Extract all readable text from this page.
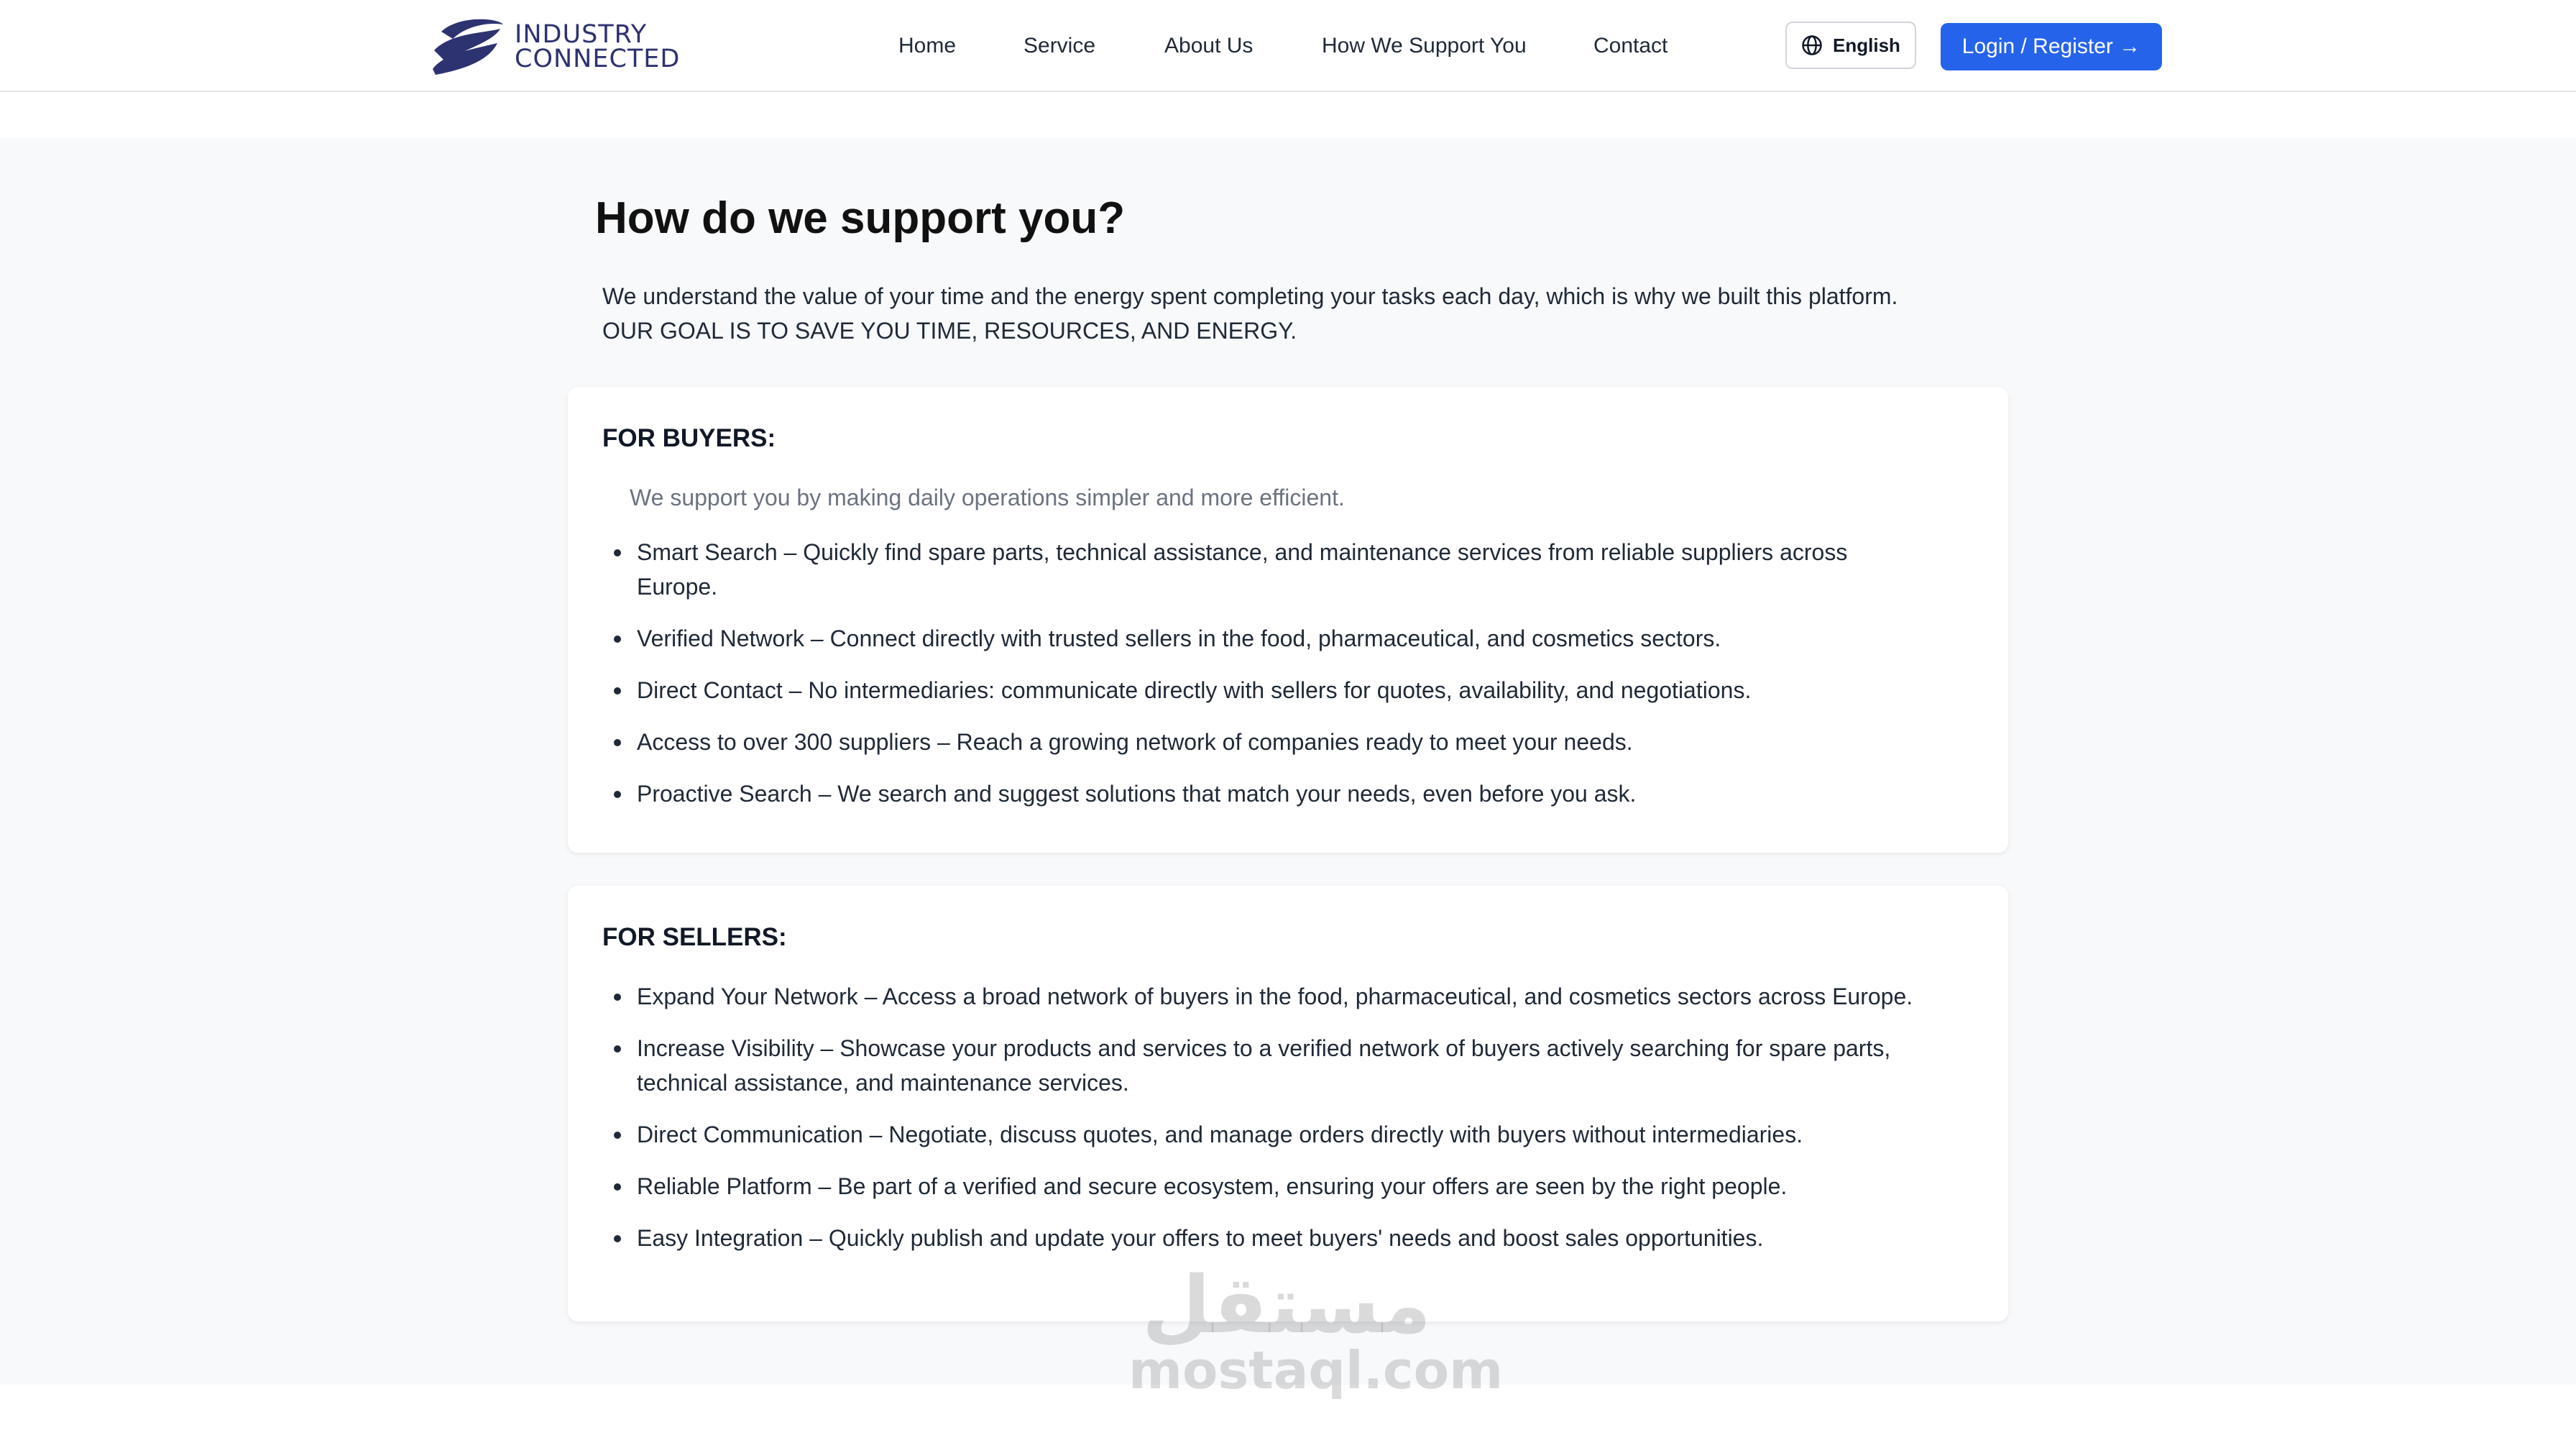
INDUSTRY
CONNECTED	Home	Service	About Us	How We Support You	Contact	English	Login / Register →
How do we support you?

We understand the value of your time and the energy spent completing your tasks each day, which is why we built this platform.

OUR GOAL IS TO SAVE YOU TIME, RESOURCES, AND ENERGY.

FOR BUYERS:
We support you by making daily operations simpler and more efficient.
Smart Search – Quickly find spare parts, technical assistance, and maintenance services from reliable suppliers across Europe.
Verified Network – Connect directly with trusted sellers in the food, pharmaceutical, and cosmetics sectors.
Direct Contact – No intermediaries: communicate directly with sellers for quotes, availability, and negotiations.
Access to over 300 suppliers – Reach a growing network of companies ready to meet your needs.
Proactive Search – We search and suggest solutions that match your needs, even before you ask.
FOR SELLERS:
Expand Your Network – Access a broad network of buyers in the food, pharmaceutical, and cosmetics sectors across Europe.
Increase Visibility – Showcase your products and services to a verified network of buyers actively searching for spare parts, technical assistance, and maintenance services.
Direct Communication – Negotiate, discuss quotes, and manage orders directly with buyers without intermediaries.
Reliable Platform – Be part of a verified and secure ecosystem, ensuring your offers are seen by the right people.
Easy Integration – Quickly publish and update your offers to meet buyers' needs and boost sales opportunities.
مستقل
mostaql.com
